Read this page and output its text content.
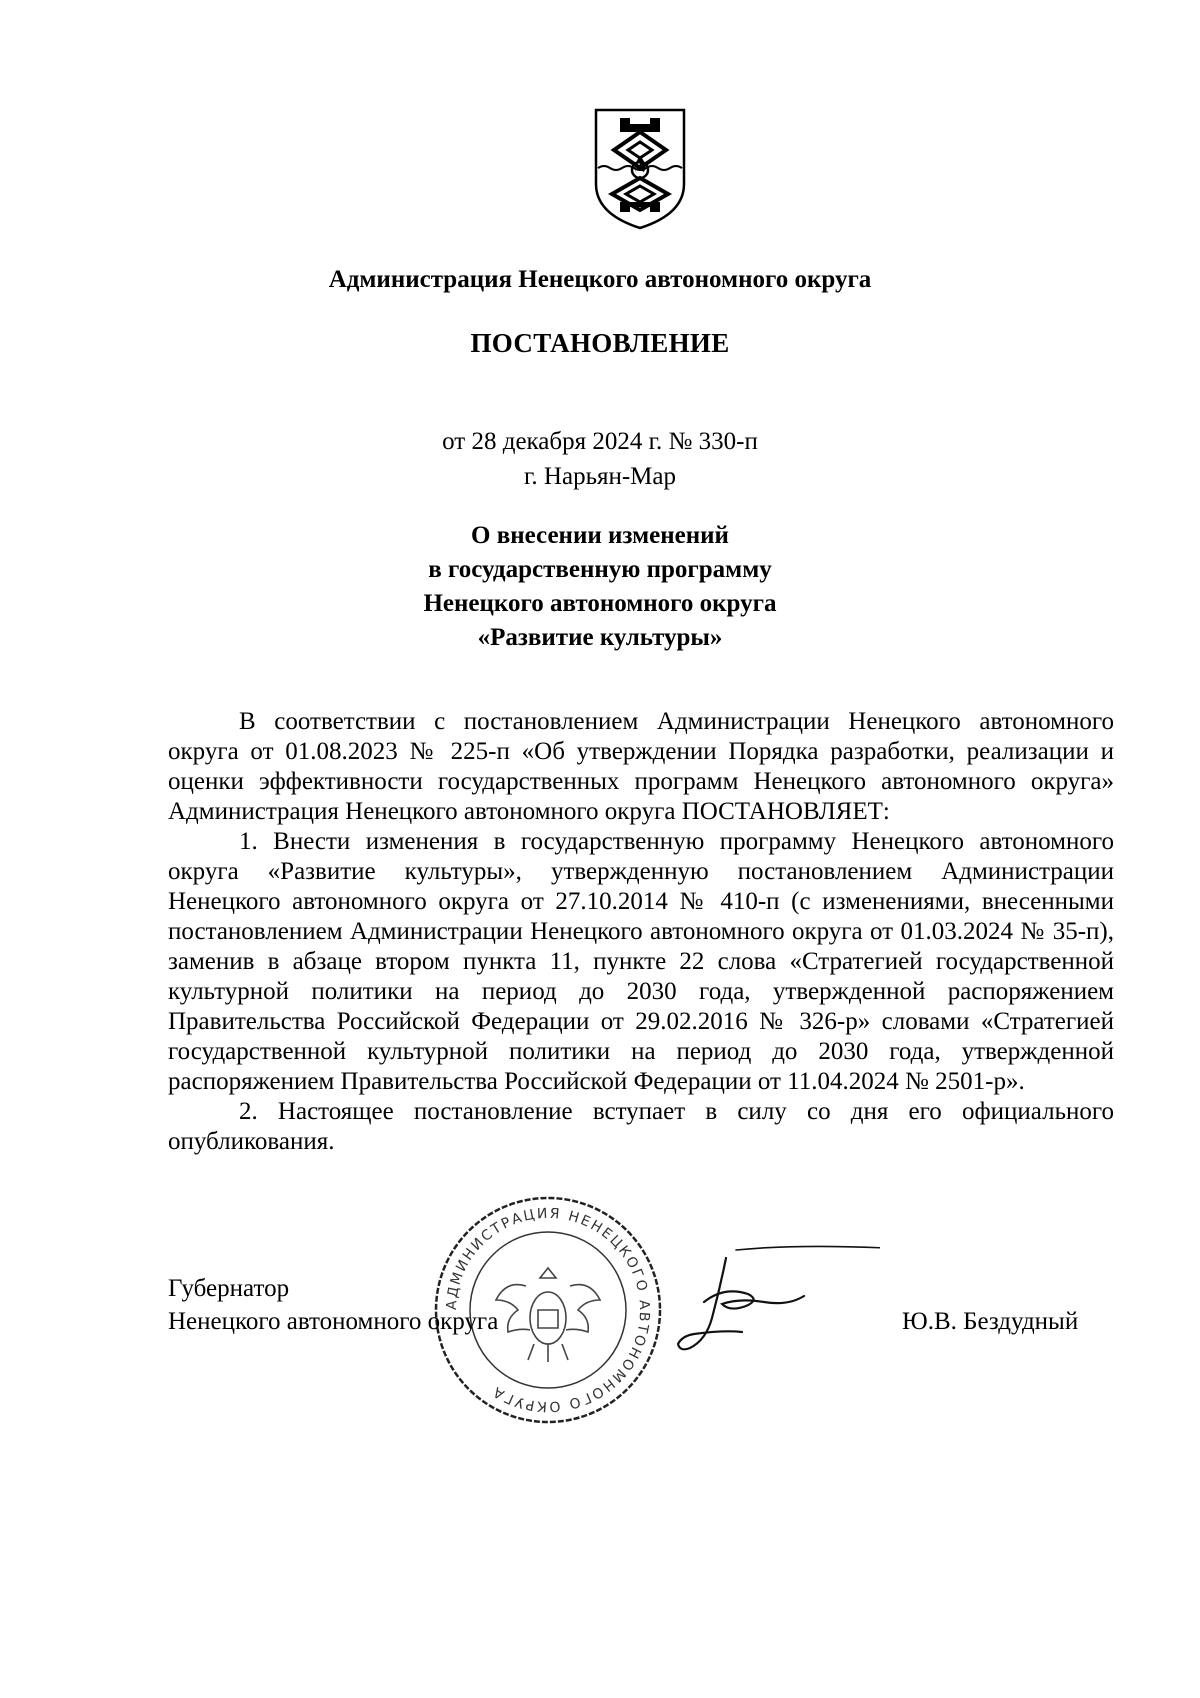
Администрация Ненецкого автономного округа
ПОСТАНОВЛЕНИЕ
от 28 декабря 2024 г. № 330-п
г. Нарьян-Мар
О внесении изменений
в государственную программу
Ненецкого автономного округа
«Развитие культуры»

В соответствии с постановлением Администрации Ненецкого автономного округа от 01.08.2023 № 225-п «Об утверждении Порядка разработки, реализации и оценки эффективности государственных программ Ненецкого автономного округа» Администрация Ненецкого автономного округа ПОСТАНОВЛЯЕТ:

1. Внести изменения в государственную программу Ненецкого автономного округа «Развитие культуры», утвержденную постановлением Администрации Ненецкого автономного округа от 27.10.2014 № 410-п (с изменениями, внесенными постановлением Администрации Ненецкого автономного округа от 01.03.2024 № 35-п), заменив в абзаце втором пункта 11, пункте 22 слова «Стратегией государственной культурной политики на период до 2030 года, утвержденной распоряжением Правительства Российской Федерации от 29.02.2016 № 326-р» словами «Стратегией государственной культурной политики на период до 2030 года, утвержденной распоряжением Правительства Российской Федерации от 11.04.2024 № 2501-р».

2. Настоящее постановление вступает в силу со дня его официального опубликования.

АДМИНИСТРАЦИЯ НЕНЕЦКОГО АВТОНОМНОГО ОКРУГА
Губернатор
Ненецкого автономного округа	Ю.В. Бездудный
